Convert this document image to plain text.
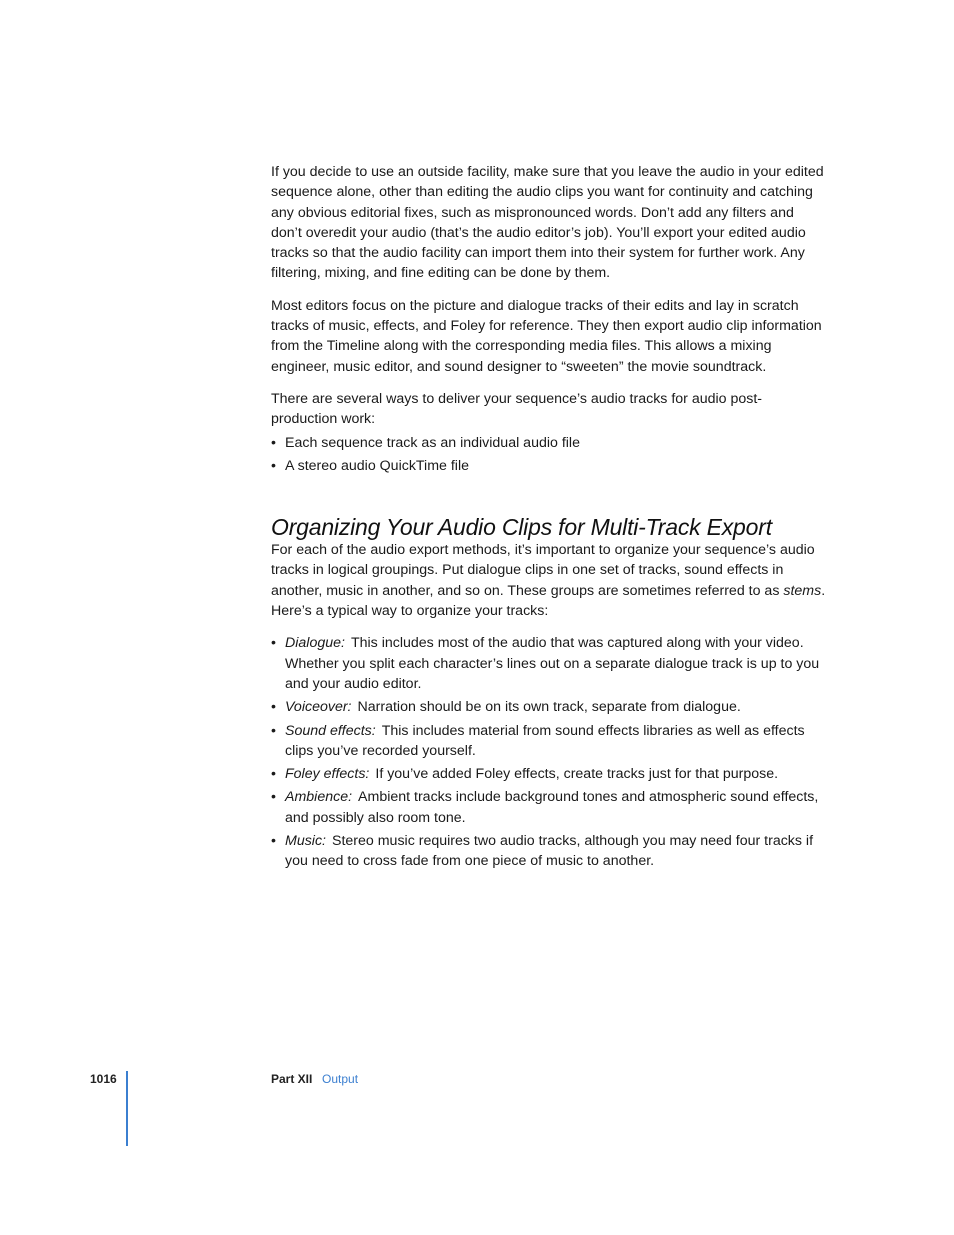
If you decide to use an outside facility, make sure that you leave the audio in your edited sequence alone, other than editing the audio clips you want for continuity and catching any obvious editorial fixes, such as mispronounced words. Don’t add any filters and don’t overedit your audio (that’s the audio editor’s job). You’ll export your edited audio tracks so that the audio facility can import them into their system for further work. Any filtering, mixing, and fine editing can be done by them.

Most editors focus on the picture and dialogue tracks of their edits and lay in scratch tracks of music, effects, and Foley for reference. They then export audio clip information from the Timeline along with the corresponding media files. This allows a mixing engineer, music editor, and sound designer to “sweeten” the movie soundtrack.

There are several ways to deliver your sequence’s audio tracks for audio post-production work:

• Each sequence track as an individual audio file
• A stereo audio QuickTime file
Organizing Your Audio Clips for Multi-Track Export

For each of the audio export methods, it’s important to organize your sequence’s audio tracks in logical groupings. Put dialogue clips in one set of tracks, sound effects in another, music in another, and so on. These groups are sometimes referred to as stems. Here’s a typical way to organize your tracks:

• Dialogue: This includes most of the audio that was captured along with your video. Whether you split each character’s lines out on a separate dialogue track is up to you and your audio editor.
• Voiceover: Narration should be on its own track, separate from dialogue.
• Sound effects: This includes material from sound effects libraries as well as effects clips you’ve recorded yourself.
• Foley effects: If you’ve added Foley effects, create tracks just for that purpose.
• Ambience: Ambient tracks include background tones and atmospheric sound effects, and possibly also room tone.
• Music: Stereo music requires two audio tracks, although you may need four tracks if you need to cross fade from one piece of music to another.
1016	Part XII Output
